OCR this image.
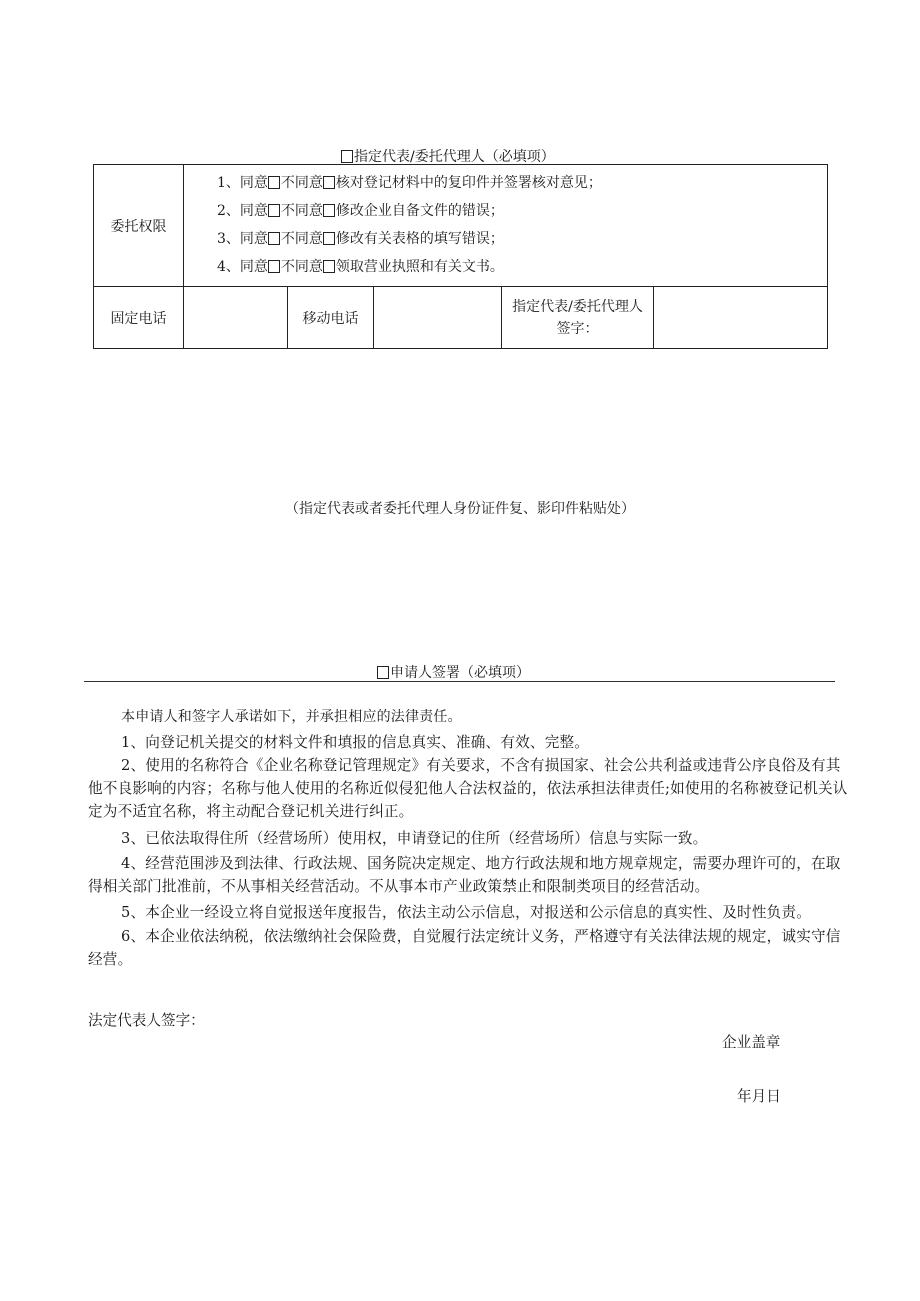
指定代表/委托代理人（必填项）
委托权限	1、同意 不同意 核对登记材料中的复印件并签署核对意见；
2、同意 不同意 修改企业自备文件的错误；
3、同意 不同意 修改有关表格的填写错误；
4、同意 不同意 领取营业执照和有关文书。				

固定电话		移动电话		指定代表/委托代理人
签字：	

（指定代表或者委托代理人身份证件复、影印件粘贴处）
申请人签署（必填项）
本申请人和签字人承诺如下，并承担相应的法律责任。
1、向登记机关提交的材料文件和填报的信息真实、准确、有效、完整。
2、使用的名称符合《企业名称登记管理规定》有关要求，不含有损国家、社会公共利益或违背公序良俗及有其他不良影响的内容；名称与他人使用的名称近似侵犯他人合法权益的，依法承担法律责任;如使用的名称被登记机关认定为不适宜名称，将主动配合登记机关进行纠正。
3、已依法取得住所（经营场所）使用权，申请登记的住所（经营场所）信息与实际一致。
4、经营范围涉及到法律、行政法规、国务院决定规定、地方行政法规和地方规章规定，需要办理许可的，在取得相关部门批准前，不从事相关经营活动。不从事本市产业政策禁止和限制类项目的经营活动。
5、本企业一经设立将自觉报送年度报告，依法主动公示信息，对报送和公示信息的真实性、及时性负责。
6、本企业依法纳税，依法缴纳社会保险费，自觉履行法定统计义务，严格遵守有关法律法规的规定，诚实守信经营。
法定代表人签字：
企业盖章
年月日
